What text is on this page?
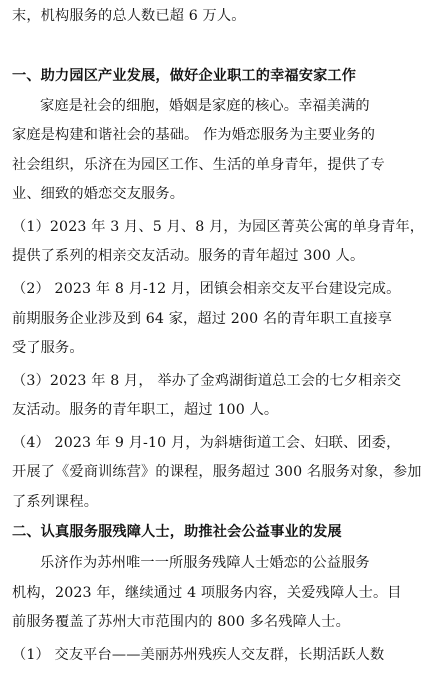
末，机构服务的总人数已超 6 万人。
一、助力园区产业发展，做好企业职工的幸福安家工作
家庭是社会的细胞，婚姻是家庭的核心。幸福美满的
家庭是构建和谐社会的基础。 作为婚恋服务为主要业务的
社会组织，乐济在为园区工作、生活的单身青年，提供了专
业、细致的婚恋交友服务。
（1）2023 年 3 月、5 月、8 月，为园区菁英公寓的单身青年，
提供了系列的相亲交友活动。服务的青年超过 300 人。
（2） 2023 年 8 月-12 月，团镇会相亲交友平台建设完成。
前期服务企业涉及到 64 家，超过 200 名的青年职工直接享
受了服务。
（3）2023 年 8 月， 举办了金鸡湖街道总工会的七夕相亲交
友活动。服务的青年职工，超过 100 人。
（4） 2023 年 9 月-10 月，为斜塘街道工会、妇联、团委，
开展了《爱商训练营》的课程，服务超过 300 名服务对象，参加
了系列课程。
二、认真服务服残障人士，助推社会公益事业的发展
乐济作为苏州唯一一所服务残障人士婚恋的公益服务
机构，2023 年，继续通过 4 项服务内容，关爱残障人士。目
前服务覆盖了苏州大市范围内的 800 多名残障人士。
（1） 交友平台——美丽苏州残疾人交友群，长期活跃人数
